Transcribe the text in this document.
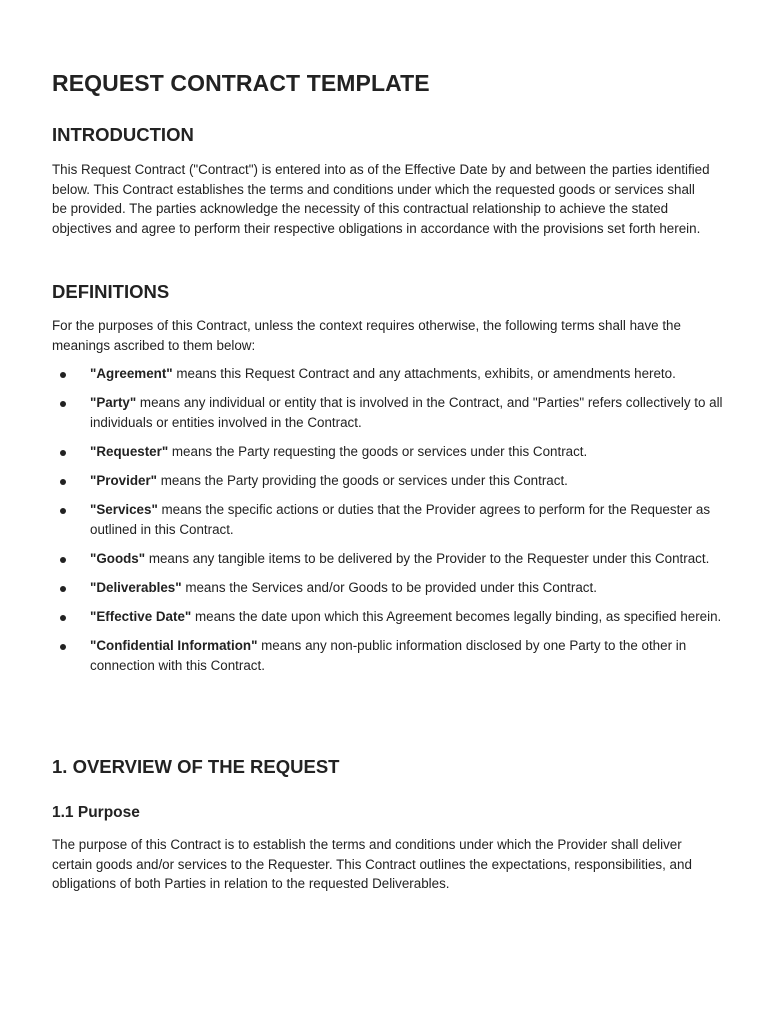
REQUEST CONTRACT TEMPLATE
INTRODUCTION

This Request Contract ("Contract") is entered into as of the Effective Date by and between the parties identified below. This Contract establishes the terms and conditions under which the requested goods or services shall be provided. The parties acknowledge the necessity of this contractual relationship to achieve the stated objectives and agree to perform their respective obligations in accordance with the provisions set forth herein.

DEFINITIONS

For the purposes of this Contract, unless the context requires otherwise, the following terms shall have the meanings ascribed to them below:

"Agreement" means this Request Contract and any attachments, exhibits, or amendments hereto.
"Party" means any individual or entity that is involved in the Contract, and "Parties" refers collectively to all individuals or entities involved in the Contract.
"Requester" means the Party requesting the goods or services under this Contract.
"Provider" means the Party providing the goods or services under this Contract.
"Services" means the specific actions or duties that the Provider agrees to perform for the Requester as outlined in this Contract.
"Goods" means any tangible items to be delivered by the Provider to the Requester under this Contract.
"Deliverables" means the Services and/or Goods to be provided under this Contract.
"Effective Date" means the date upon which this Agreement becomes legally binding, as specified herein.
"Confidential Information" means any non-public information disclosed by one Party to the other in connection with this Contract.
1. OVERVIEW OF THE REQUEST
1.1 Purpose

The purpose of this Contract is to establish the terms and conditions under which the Provider shall deliver certain goods and/or services to the Requester. This Contract outlines the expectations, responsibilities, and obligations of both Parties in relation to the requested Deliverables.
